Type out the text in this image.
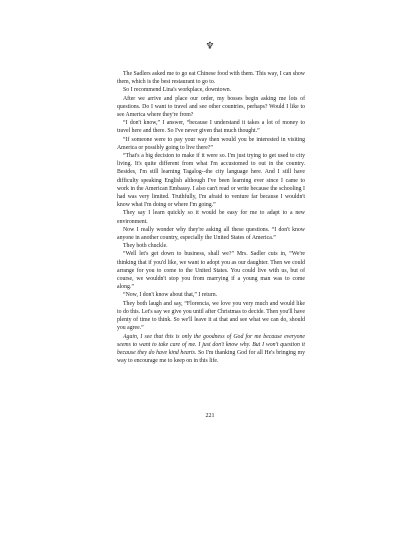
♆

The Sadlers asked me to go eat Chinese food with them. This way, I can show them, which is the best restaurant to go to.

So I recommend Lina's workplace, downtown.

After we arrive and place our order, my bosses begin asking me lots of questions. Do I want to travel and see other countries, perhaps? Would I like to see America where they're from?

“I don't know,” I answer, “because I understand it takes a lot of money to travel here and there. So I've never given that much thought.”

“If someone were to pay your way then would you be interested in visiting America or possibly going to live there?”

“That's a big decision to make if it were so. I'm just trying to get used to city living. It's quite different from what I'm accustomed to out in the country. Besides, I'm still learning Tagalog--the city language here. And I still have difficulty speaking English although I've been learning ever since I came to work in the American Embassy. I also can't read or write because the schooling I had was very limited. Truthfully, I'm afraid to venture far because I wouldn't know what I'm doing or where I'm going.”

They say I learn quickly so it would be easy for me to adapt to a new environment.

Now I really wonder why they're asking all these questions. “I don't know anyone in another country, especially the United States of America.”

They both chuckle.

“Well let's get down to business, shall we?” Mrs. Sadler cuts in, “We're thinking that if you'd like, we want to adopt you as our daughter. Then we could arrange for you to come to the United States. You could live with us, but of course, we wouldn't stop you from marrying if a young man was to come along.”

“Now, I don't know about that,” I return.

They both laugh and say, “Florencia, we love you very much and would like to do this. Let's say we give you until after Christmas to decide. Then you'll have plenty of time to think. So we'll leave it at that and see what we can do, should you agree.”

Again, I see that this is only the goodness of God for me because everyone seems to want to take care of me. I just don't know why. But I won't question it because they do have kind hearts. So I'm thanking God for all He's bringing my way to encourage me to keep on in this life.

221
